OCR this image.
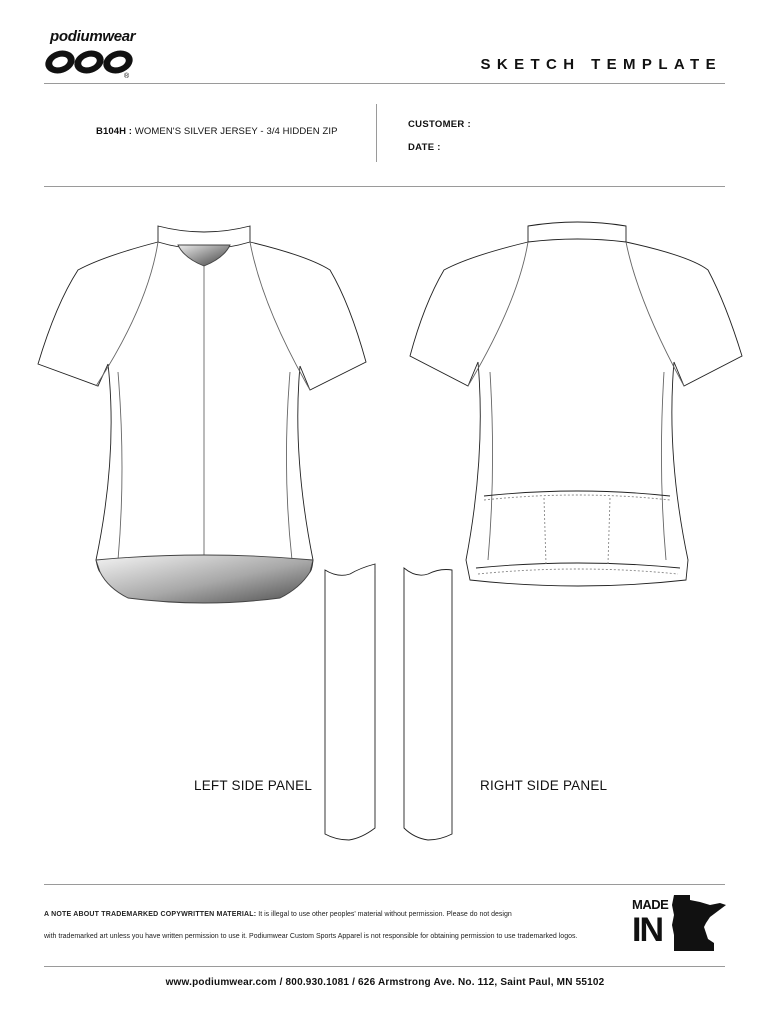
podiumwear
®
SKETCH TEMPLATE
B104H : WOMEN'S SILVER JERSEY - 3/4 HIDDEN ZIP
CUSTOMER :
DATE :
LEFT SIDE PANEL	RIGHT SIDE PANEL
A NOTE ABOUT TRADEMARKED COPYWRITTEN MATERIAL: It is illegal to use other peoples' material without permission. Please do not design
with trademarked art unless you have written permission to use it. Podiumwear Custom Sports Apparel is not responsible for obtaining permission to use trademarked logos.
MADE
IN
www.podiumwear.com / 800.930.1081 / 626 Armstrong Ave. No. 112, Saint Paul, MN 55102
